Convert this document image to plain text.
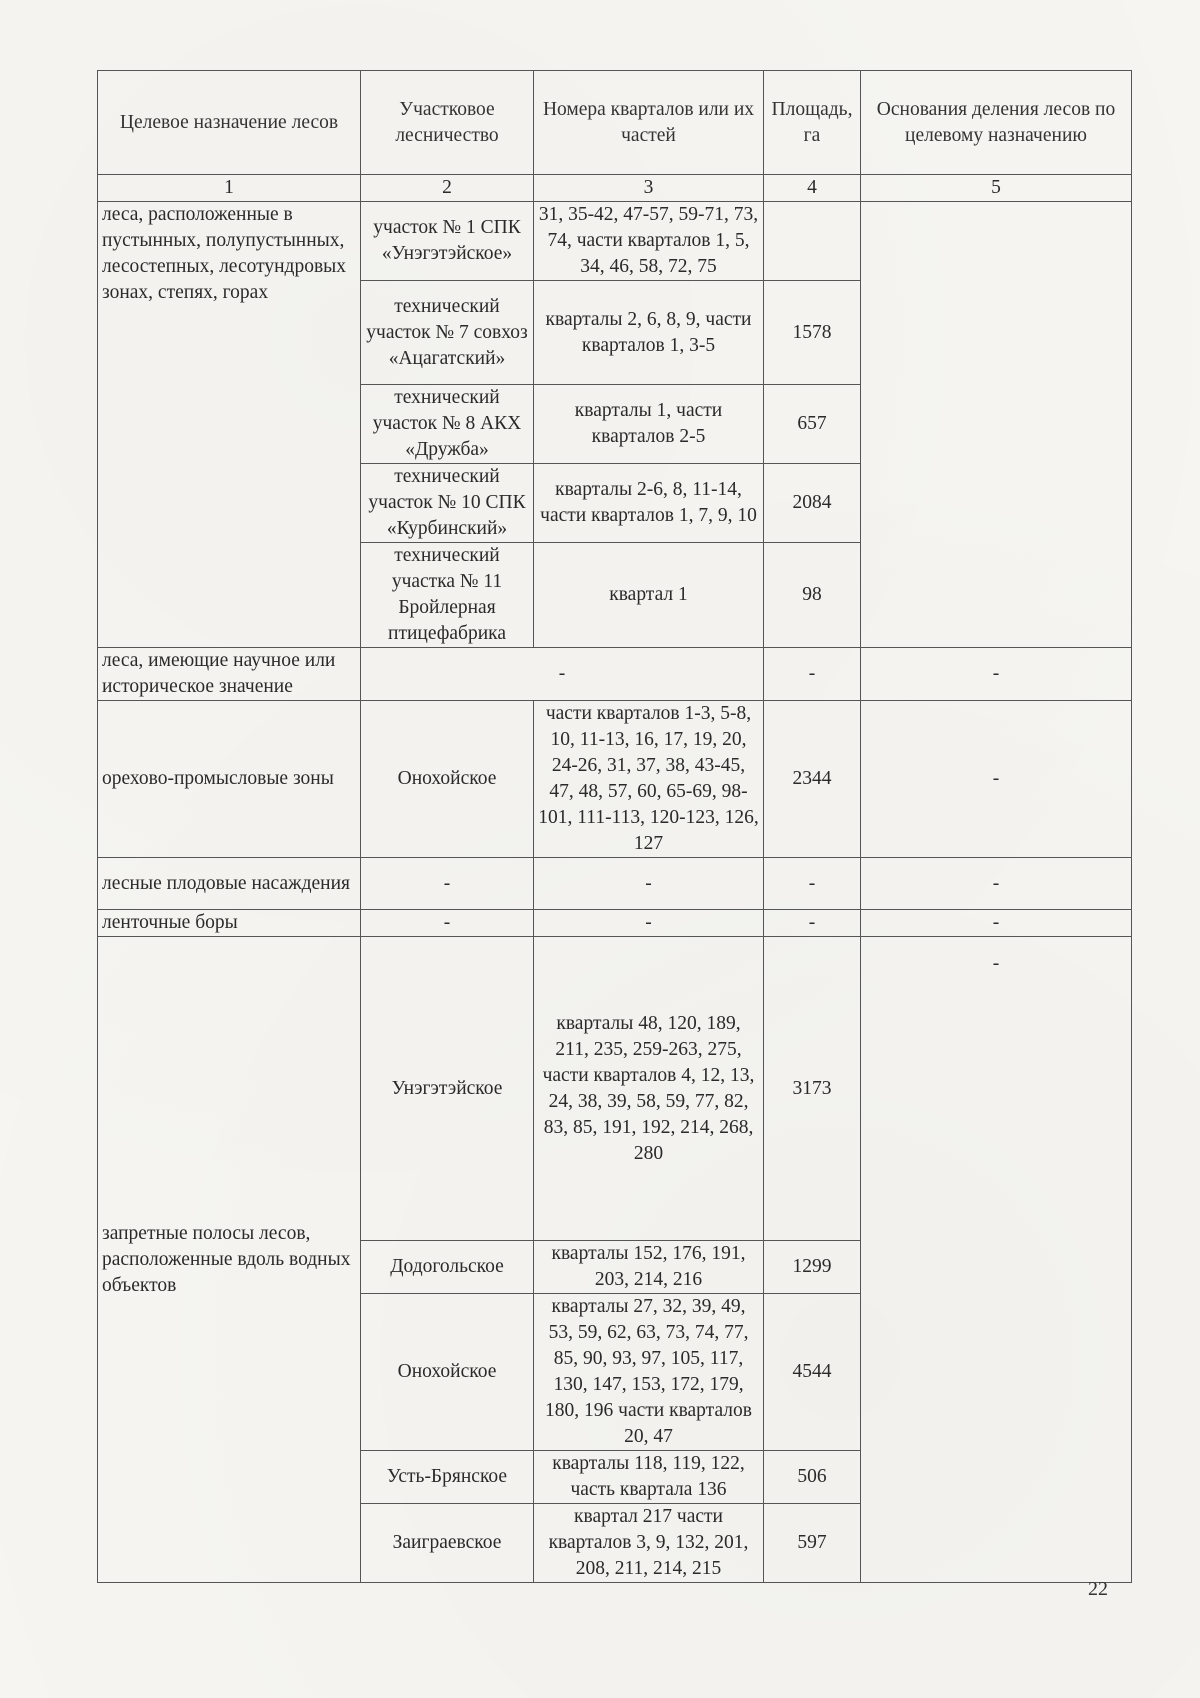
Целевое назначение лесов	Участковое лесничество	Номера кварталов или их частей	Площадь, га	Основания деления лесов по целевому назначению
1	2	3	4	5
леса, расположенные в пустынных, полупустынных, лесостепных, лесотундровых зонах, степях, горах	участок № 1 СПК «Унэгэтэйское»	31, 35-42, 47-57, 59-71, 73, 74, части кварталов 1, 5, 34, 46, 58, 72, 75		
	технический участок № 7 совхоз «Ацагатский»	кварталы 2, 6, 8, 9, части кварталов 1, 3-5	1578	
	технический участок № 8 АКХ «Дружба»	кварталы 1, части кварталов 2-5	657	
	технический участок № 10 СПК «Курбинский»	кварталы 2-6, 8, 11-14, части кварталов 1, 7, 9, 10	2084	
	технический участка № 11 Бройлерная птицефабрика	квартал 1	98	
леса, имеющие научное или историческое значение	-		-	-
орехово-промысловые зоны	Онохойское	части кварталов 1-3, 5-8, 10, 11-13, 16, 17, 19, 20, 24-26, 31, 37, 38, 43-45, 47, 48, 57, 60, 65-69, 98-101, 111-113, 120-123, 126, 127	2344	-
лесные плодовые насаждения	-	-	-	-
ленточные боры	-	-	-	-
запретные полосы лесов, расположенные вдоль водных объектов	Унэгэтэйское	кварталы 48, 120, 189, 211, 235, 259-263, 275, части кварталов 4, 12, 13, 24, 38, 39, 58, 59, 77, 82, 83, 85, 191, 192, 214, 268, 280	3173	-
	Додогольское	кварталы 152, 176, 191, 203, 214, 216	1299	
	Онохойское	кварталы 27, 32, 39, 49, 53, 59, 62, 63, 73, 74, 77, 85, 90, 93, 97, 105, 117, 130, 147, 153, 172, 179, 180, 196 части кварталов 20, 47	4544	
	Усть-Брянское	кварталы 118, 119, 122, часть квартала 136	506	
	Заиграевское	квартал 217 части кварталов 3, 9, 132, 201, 208, 211, 214, 215	597	
22
